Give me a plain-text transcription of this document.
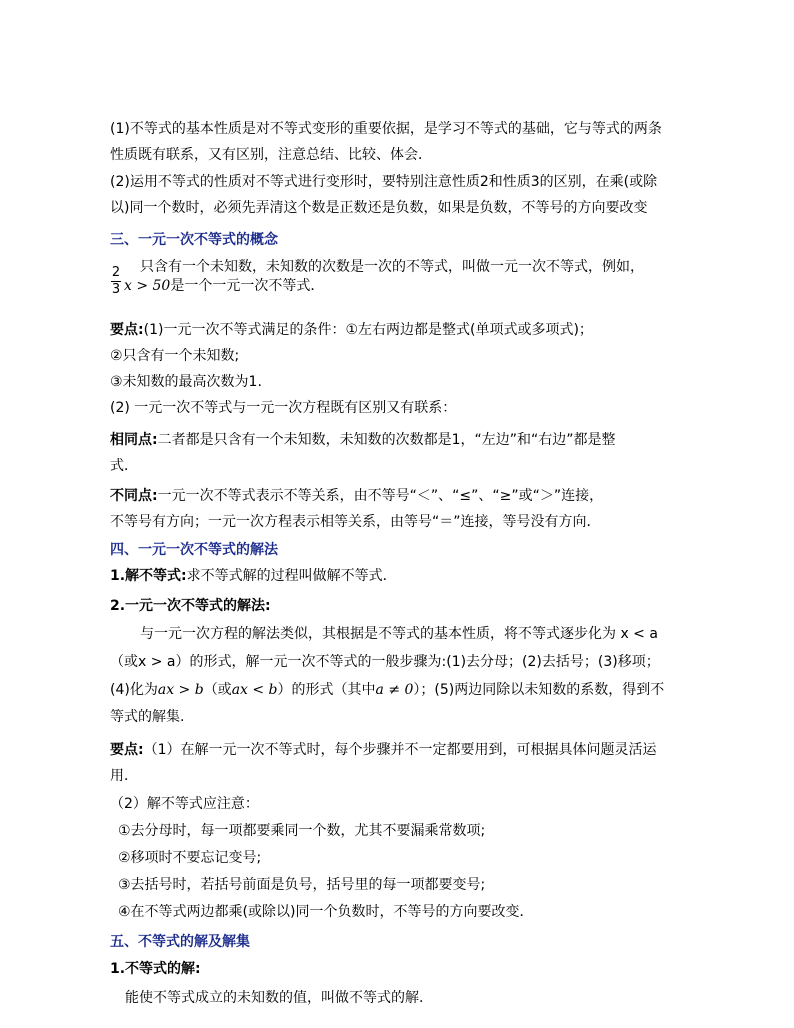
(1)不等式的基本性质是对不等式变形的重要依据，是学习不等式的基础，它与等式的两条
性质既有联系，又有区别，注意总结、比较、体会．
(2)运用不等式的性质对不等式进行变形时，要特别注意性质2和性质3的区别，在乘(或除
以)同一个数时，必须先弄清这个数是正数还是负数，如果是负数，不等号的方向要改变
三、一元一次不等式的概念
只含有一个未知数，未知数的次数是一次的不等式，叫做一元一次不等式，例如，
2
3 x > 50是一个一元一次不等式．
要点:(1)一元一次不等式满足的条件：①左右两边都是整式(单项式或多项式)；
②只含有一个未知数;
③未知数的最高次数为1.
(2) 一元一次不等式与一元一次方程既有区别又有联系：
相同点:二者都是只含有一个未知数，未知数的次数都是1，“左边”和“右边”都是整
式．
不同点:一元一次不等式表示不等关系，由不等号“＜”、“≤”、“≥”或“＞”连接，
不等号有方向；一元一次方程表示相等关系，由等号“＝”连接，等号没有方向．
四、一元一次不等式的解法
1.解不等式:求不等式解的过程叫做解不等式．
2.一元一次不等式的解法:
与一元一次方程的解法类似，其根据是不等式的基本性质，将不等式逐步化为 x < a
（或x > a）的形式，解一元一次不等式的一般步骤为:(1)去分母；(2)去括号；(3)移项；
(4)化为ax > b（或ax < b）的形式（其中a ≠ 0）；(5)两边同除以未知数的系数，得到不
等式的解集.
要点:（1）在解一元一次不等式时，每个步骤并不一定都要用到，可根据具体问题灵活运
用．
（2）解不等式应注意：
①去分母时，每一项都要乘同一个数，尤其不要漏乘常数项;
②移项时不要忘记变号;
③去括号时，若括号前面是负号，括号里的每一项都要变号;
④在不等式两边都乘(或除以)同一个负数时，不等号的方向要改变．
五、不等式的解及解集
1.不等式的解:
能使不等式成立的未知数的值，叫做不等式的解.
